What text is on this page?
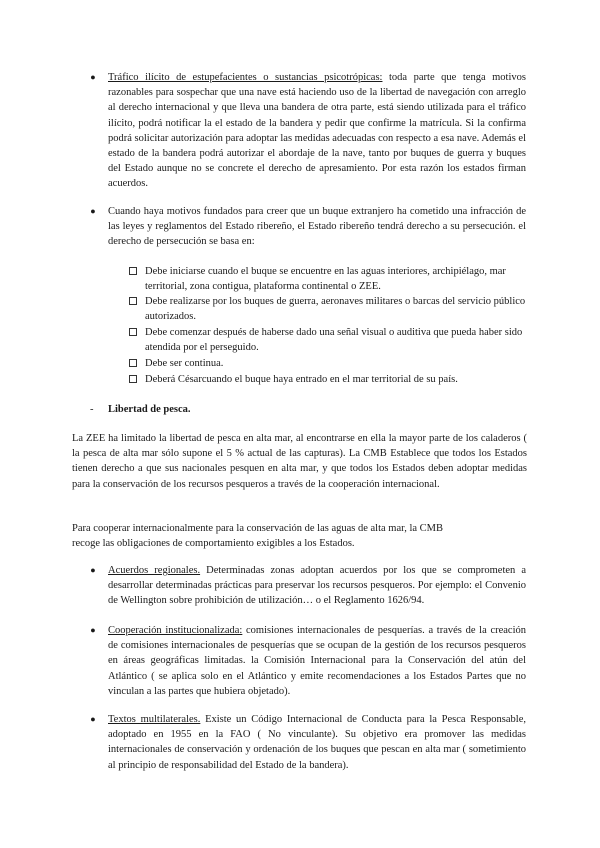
● Tráfico ilícito de estupefacientes o sustancias psicotrópicas: toda parte que tenga motivos razonables para sospechar que una nave está haciendo uso de la libertad de navegación con arreglo al derecho internacional y que lleva una bandera de otra parte, está siendo utilizada para el tráfico ilícito, podrá notificar la el estado de la bandera y pedir que confirme la matrícula. Si la confirma podrá solicitar autorización para adoptar las medidas adecuadas con respecto a esa nave. Además el estado de la bandera podrá autorizar el abordaje de la nave, tanto por buques de guerra y buques del Estado aunque no se concrete el derecho de apresamiento. Por esta razón los estados firman acuerdos.
● Cuando haya motivos fundados para creer que un buque extranjero ha cometido una infracción de las leyes y reglamentos del Estado ribereño, el Estado ribereño tendrá derecho a su persecución. el derecho de persecución se basa en:
Debe iniciarse cuando el buque se encuentre en las aguas interiores, archipiélago, mar territorial, zona contigua, plataforma continental o ZEE.
Debe realizarse por los buques de guerra, aeronaves militares o barcas del servicio público autorizados.
Debe comenzar después de haberse dado una señal visual o auditiva que pueda haber sido atendida por el perseguido.
Debe ser continua.
Deberá Césarcuando el buque haya entrado en el mar territorial de su país.
- Libertad de pesca.
La ZEE ha limitado la libertad de pesca en alta mar, al encontrarse en ella la mayor parte de los caladeros ( la pesca de alta mar sólo supone el 5 % actual de las capturas). La CMB Establece que todos los Estados tienen derecho a que sus nacionales pesquen en alta mar, y que todos los Estados deben adoptar medidas para la conservación de los recursos pesqueros a través de la cooperación internacional.
Para cooperar internacionalmente para la conservación de las aguas de alta mar, la CMB
recoge las obligaciones de comportamiento exigibles a los Estados.
● Acuerdos regionales. Determinadas zonas adoptan acuerdos por los que se comprometen a desarrollar determinadas prácticas para preservar los recursos pesqueros. Por ejemplo: el Convenio de Wellington sobre prohibición de utilización… o el Reglamento 1626/94.
● Cooperación institucionalizada: comisiones internacionales de pesquerías. a través de la creación de comisiones internacionales de pesquerías que se ocupan de la gestión de los recursos pesqueros en áreas geográficas limitadas. la Comisión Internacional para la Conservación del atún del Atlántico ( se aplica solo en el Atlántico y emite recomendaciones a los Estados Partes que no vinculan a las partes que hubiera objetado).
● Textos multilaterales. Existe un Código Internacional de Conducta para la Pesca Responsable, adoptado en 1955 en la FAO ( No vinculante). Su objetivo era promover las medidas internacionales de conservación y ordenación de los buques que pescan en alta mar ( sometimiento al principio de responsabilidad del Estado de la bandera).
